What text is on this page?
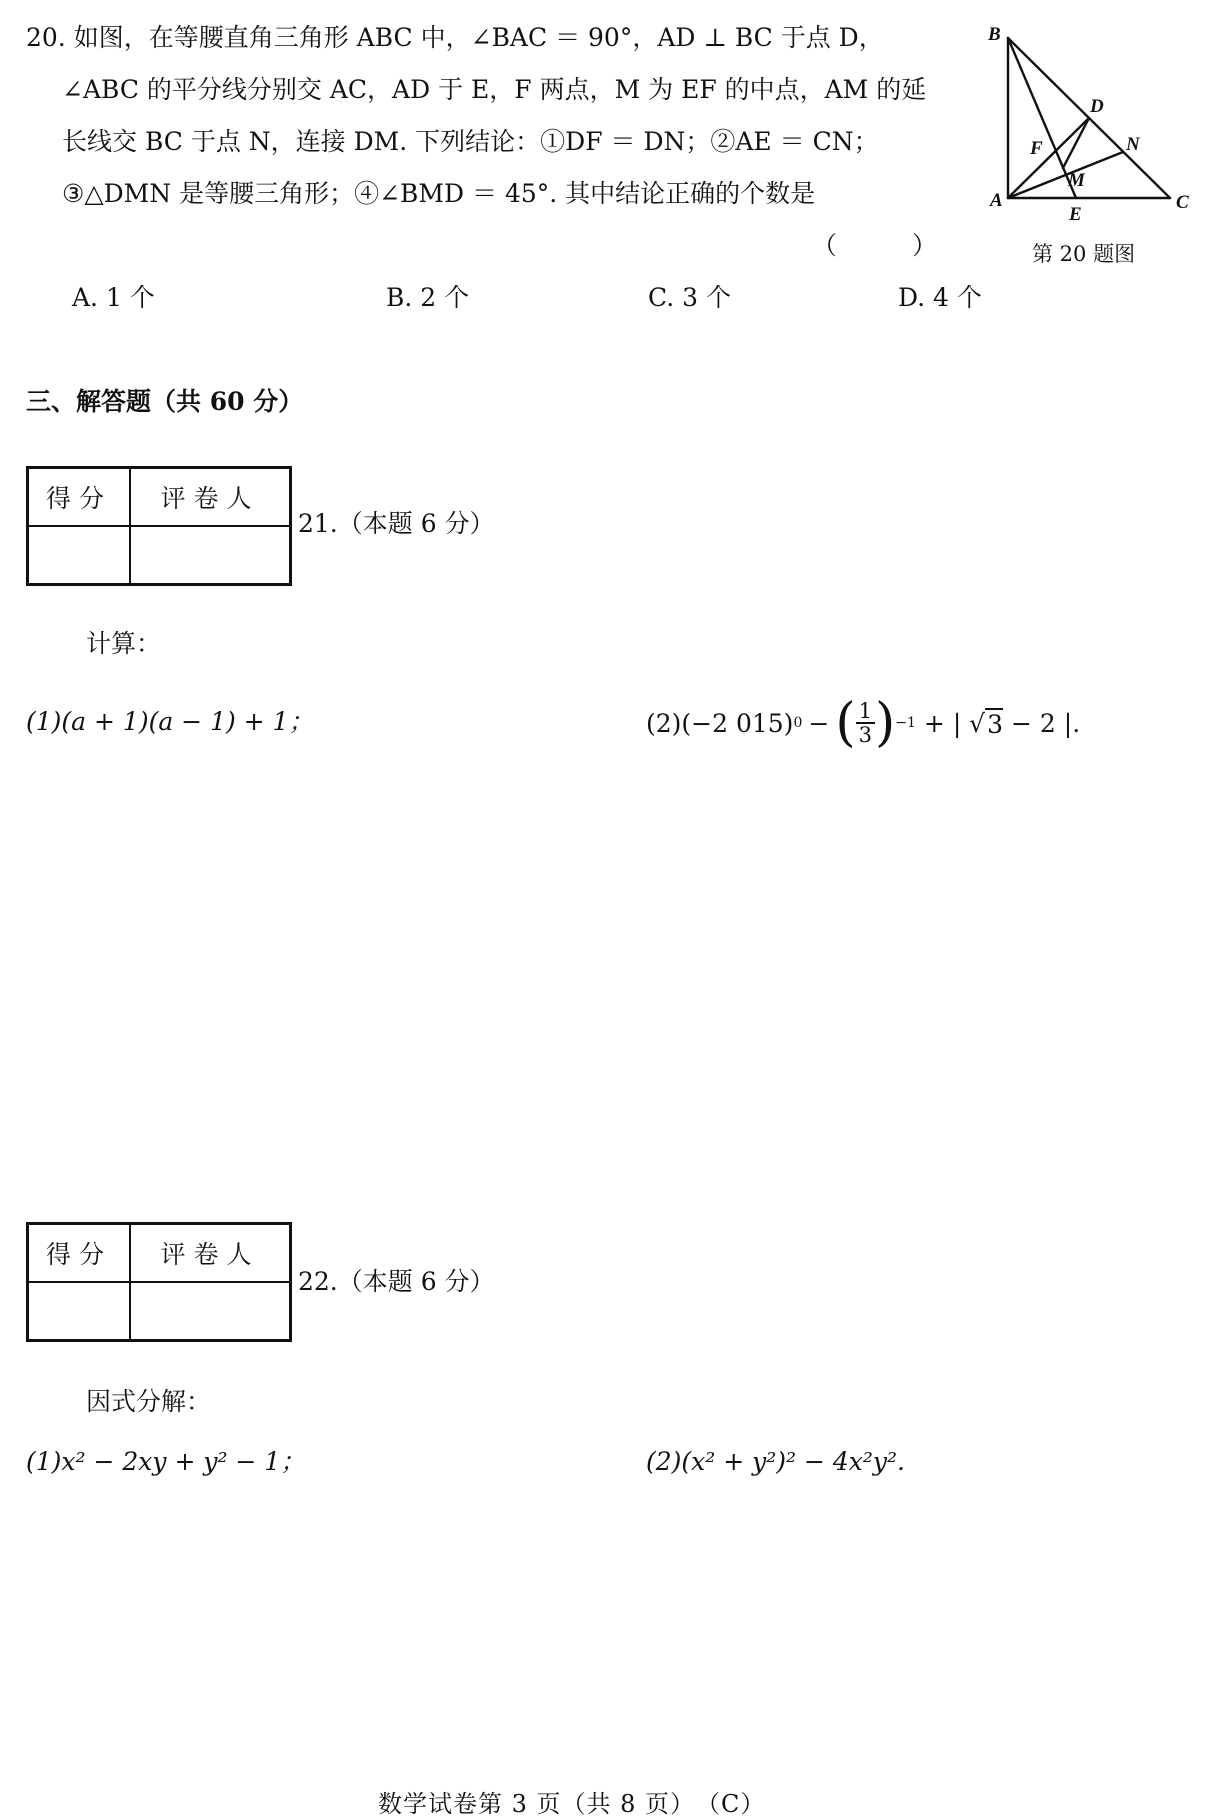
20. 如图，在等腰直角三角形 ABC 中，∠BAC ＝ 90°，AD ⊥ BC 于点 D，
∠ABC 的平分线分别交 AC，AD 于 E，F 两点，M 为 EF 的中点，AM 的延
长线交 BC 于点 N，连接 DM. 下列结论：①DF ＝ DN；②AE ＝ CN；
③△DMN 是等腰三角形；④∠BMD ＝ 45°. 其中结论正确的个数是
（　　　）
A. 1 个	B. 2 个	C. 3 个	D. 4 个
B
D
N
F
M
A
E
C
第 20 题图
三、解答题（共 60 分）
得分	评卷人

21.（本题 6 分）
计算：
(1)(a + 1)(a − 1) + 1；	(2)(−2 015) 0 − ( $\frac{1}{3}$ ) −1 + | √ 3 − 2 |.
得分	评卷人

22.（本题 6 分）
因式分解：
(1)x² − 2xy + y² − 1；	(2)(x² + y²)² − 4x²y².
数学试卷第 3 页（共 8 页）　（C）
